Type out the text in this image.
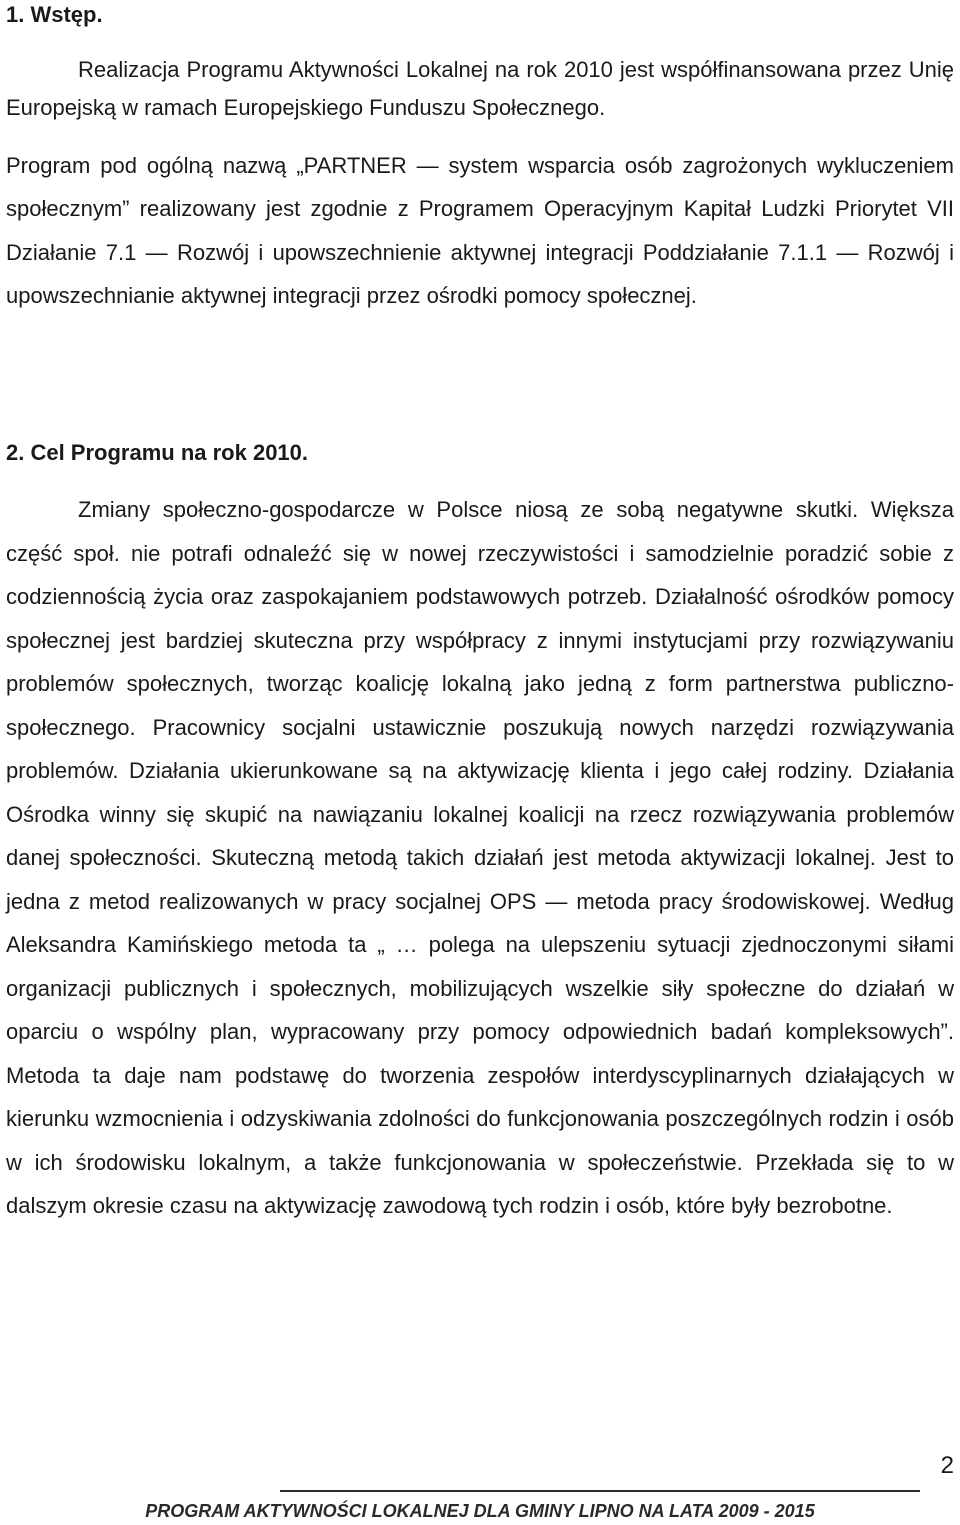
1. Wstęp.

Realizacja Programu Aktywności Lokalnej na rok 2010 jest współfinansowana przez Unię Europejską w ramach Europejskiego Funduszu Społecznego.

Program pod ogólną nazwą „PARTNER — system wsparcia osób zagrożonych wykluczeniem społecznym” realizowany jest zgodnie z Programem Operacyjnym Kapitał Ludzki Priorytet VII Działanie 7.1 — Rozwój i upowszechnienie aktywnej integracji Poddziałanie 7.1.1 — Rozwój i upowszechnianie aktywnej integracji przez ośrodki pomocy społecznej.

2. Cel Programu na rok 2010.

Zmiany społeczno-gospodarcze w Polsce niosą ze sobą negatywne skutki. Większa część społ. nie potrafi odnaleźć się w nowej rzeczywistości i samodzielnie poradzić sobie z codziennością życia oraz zaspokajaniem podstawowych potrzeb. Działalność ośrodków pomocy społecznej jest bardziej skuteczna przy współpracy z innymi instytucjami przy rozwiązywaniu problemów społecznych, tworząc koalicję lokalną jako jedną z form partnerstwa publiczno-społecznego. Pracownicy socjalni ustawicznie poszukują nowych narzędzi rozwiązywania problemów. Działania ukierunkowane są na aktywizację klienta i jego całej rodziny. Działania Ośrodka winny się skupić na nawiązaniu lokalnej koalicji na rzecz rozwiązywania problemów danej społeczności. Skuteczną metodą takich działań jest metoda aktywizacji lokalnej. Jest to jedna z metod realizowanych w pracy socjalnej OPS — metoda pracy środowiskowej. Według Aleksandra Kamińskiego metoda ta „ … polega na ulepszeniu sytuacji zjednoczonymi siłami organizacji publicznych i społecznych, mobilizujących wszelkie siły społeczne do działań w oparciu o wspólny plan, wypracowany przy pomocy odpowiednich badań kompleksowych”. Metoda ta daje nam podstawę do tworzenia zespołów interdyscyplinarnych działających w kierunku wzmocnienia i odzyskiwania zdolności do funkcjonowania poszczególnych rodzin i osób w ich środowisku lokalnym, a także funkcjonowania w społeczeństwie. Przekłada się to w dalszym okresie czasu na aktywizację zawodową tych rodzin i osób, które były bezrobotne.

2

PROGRAM AKTYWNOŚCI LOKALNEJ DLA GMINY LIPNO NA LATA 2009 - 2015
